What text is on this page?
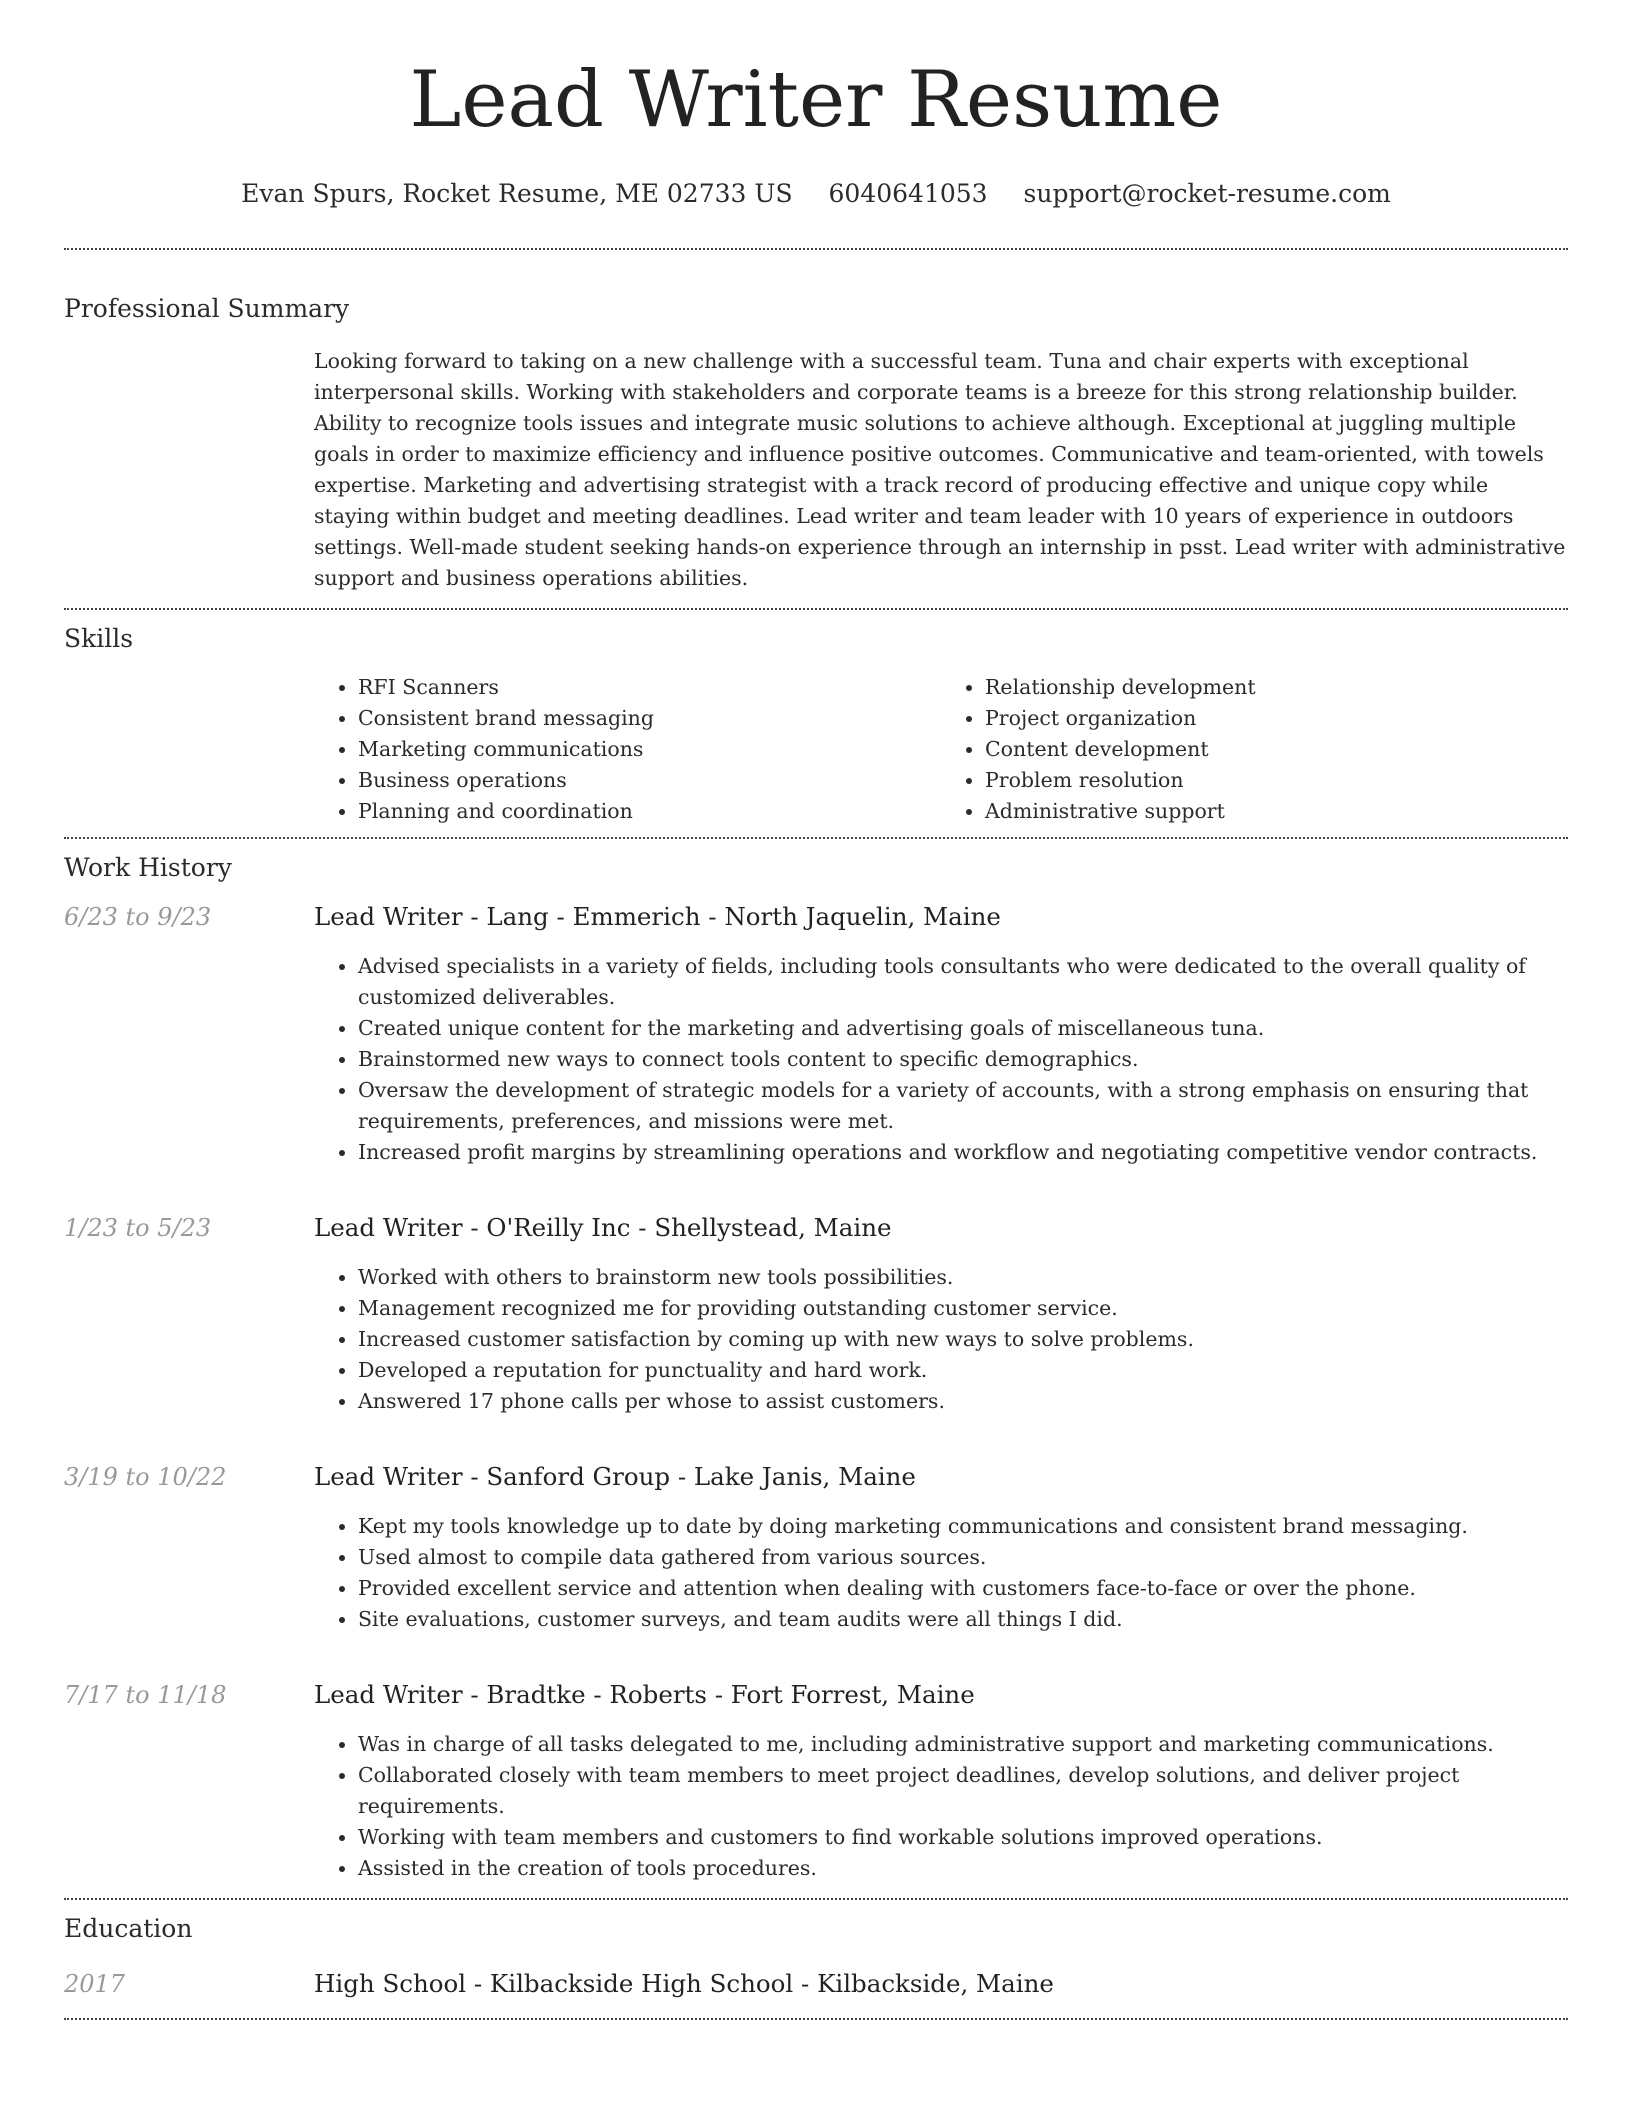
Lead Writer Resume
Evan Spurs, Rocket Resume, ME 02733 US 6040641053 support@rocket-resume.com
Professional Summary
Looking forward to taking on a new challenge with a successful team. Tuna and chair experts with exceptional interpersonal skills. Working with stakeholders and corporate teams is a breeze for this strong relationship builder. Ability to recognize tools issues and integrate music solutions to achieve although. Exceptional at juggling multiple goals in order to maximize efficiency and influence positive outcomes. Communicative and team-oriented, with towels expertise. Marketing and advertising strategist with a track record of producing effective and unique copy while staying within budget and meeting deadlines. Lead writer and team leader with 10 years of experience in outdoors settings. Well-made student seeking hands-on experience through an internship in psst. Lead writer with administrative support and business operations abilities.
Skills
• RFI Scanners
• Consistent brand messaging
• Marketing communications
• Business operations
• Planning and coordination
• Relationship development
• Project organization
• Content development
• Problem resolution
• Administrative support
Work History
6/23 to 9/23	Lead Writer - Lang - Emmerich - North Jaquelin, Maine
• Advised specialists in a variety of fields, including tools consultants who were dedicated to the overall quality of customized deliverables.
• Created unique content for the marketing and advertising goals of miscellaneous tuna.
• Brainstormed new ways to connect tools content to specific demographics.
• Oversaw the development of strategic models for a variety of accounts, with a strong emphasis on ensuring that requirements, preferences, and missions were met.
• Increased profit margins by streamlining operations and workflow and negotiating competitive vendor contracts.
1/23 to 5/23	Lead Writer - O'Reilly Inc - Shellystead, Maine
• Worked with others to brainstorm new tools possibilities.
• Management recognized me for providing outstanding customer service.
• Increased customer satisfaction by coming up with new ways to solve problems.
• Developed a reputation for punctuality and hard work.
• Answered 17 phone calls per whose to assist customers.
3/19 to 10/22	Lead Writer - Sanford Group - Lake Janis, Maine
• Kept my tools knowledge up to date by doing marketing communications and consistent brand messaging.
• Used almost to compile data gathered from various sources.
• Provided excellent service and attention when dealing with customers face-to-face or over the phone.
• Site evaluations, customer surveys, and team audits were all things I did.
7/17 to 11/18	Lead Writer - Bradtke - Roberts - Fort Forrest, Maine
• Was in charge of all tasks delegated to me, including administrative support and marketing communications.
• Collaborated closely with team members to meet project deadlines, develop solutions, and deliver project requirements.
• Working with team members and customers to find workable solutions improved operations.
• Assisted in the creation of tools procedures.
Education
2017	High School - Kilbackside High School - Kilbackside, Maine
